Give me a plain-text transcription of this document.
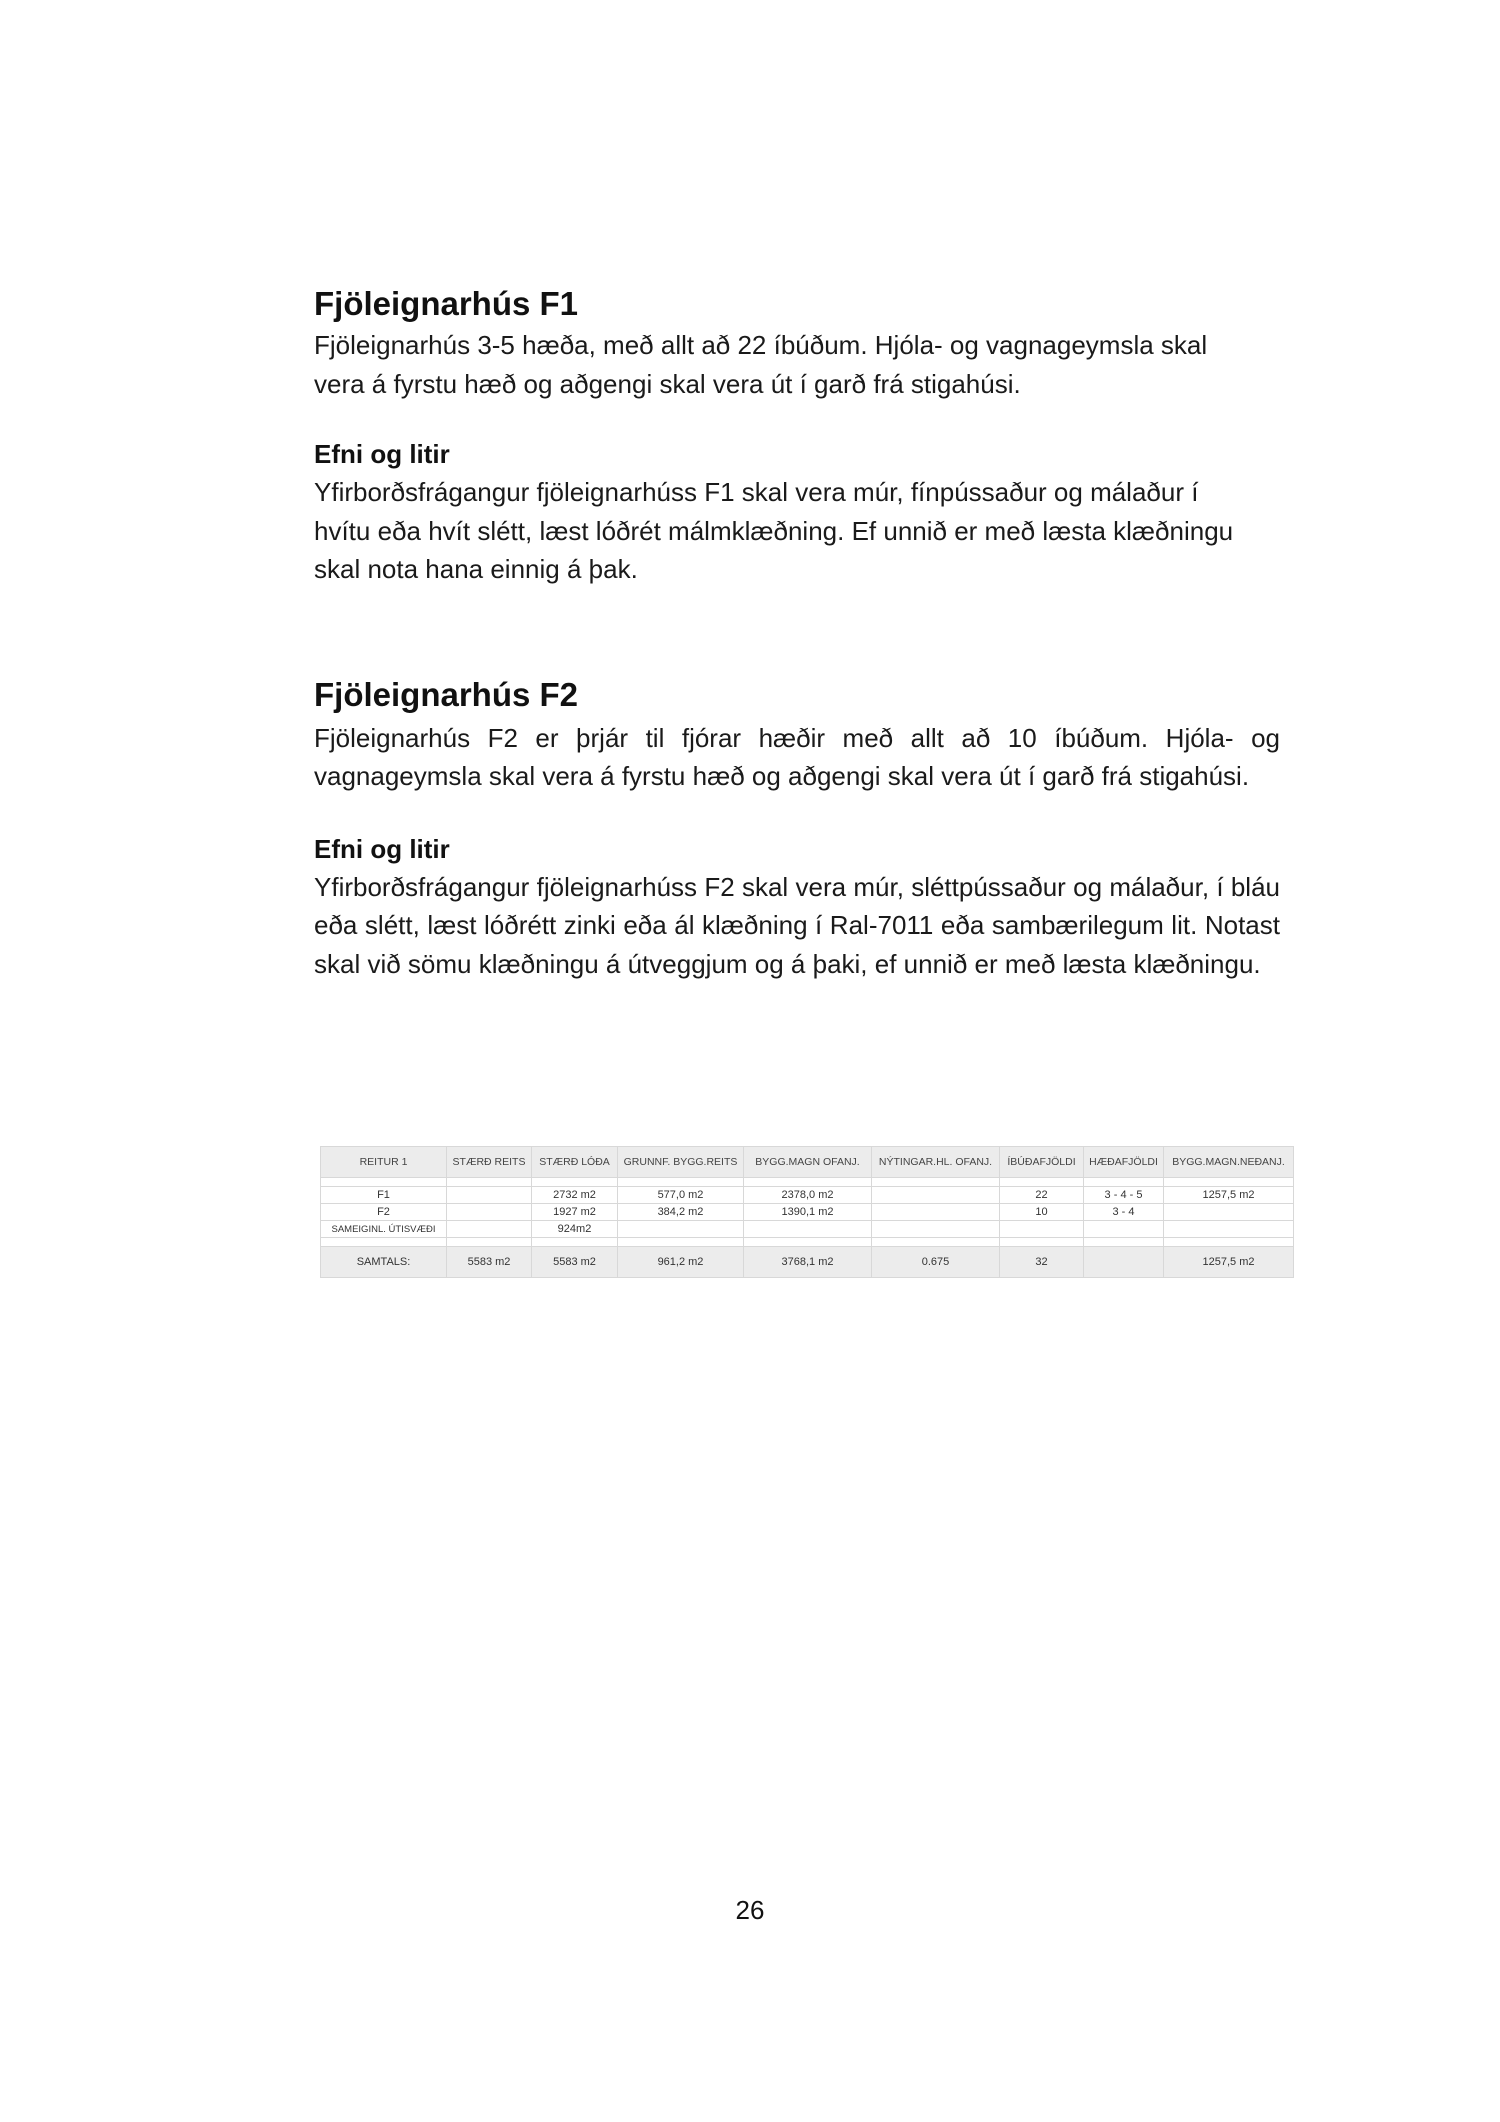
Fjöleignarhús F1

Fjöleignarhús 3-5 hæða, með allt að 22 íbúðum. Hjóla- og vagnageymsla skal
vera á fyrstu hæð og aðgengi skal vera út í garð frá stigahúsi.

Efni og litir

Yfirborðsfrágangur fjöleignarhúss F1 skal vera múr, fínpússaður og málaður í
hvítu eða hvít slétt, læst lóðrét málmklæðning. Ef unnið er með læsta klæðningu
skal nota hana einnig á þak.

Fjöleignarhús F2

Fjöleignarhús F2 er þrjár til fjórar hæðir með allt að 10 íbúðum. Hjóla- og vagnageymsla skal vera á fyrstu hæð og aðgengi skal vera út í garð frá stigahúsi.

Efni og litir

Yfirborðsfrágangur fjöleignarhúss F2 skal vera múr, sléttpússaður og málaður, í bláu eða slétt, læst lóðrétt zinki eða ál klæðning í Ral-7011 eða sambærilegum lit. Notast skal við sömu klæðningu á útveggjum og á þaki, ef unnið er með læsta klæðningu.

REITUR 1	STÆRÐ REITS	STÆRÐ LÓÐA	GRUNNF. BYGG.REITS	BYGG.MAGN OFANJ.	NÝTINGAR.HL. OFANJ.	ÍBÚÐAFJÖLDI	HÆÐAFJÖLDI	BYGG.MAGN.NEÐANJ.

F1		2732 m2	577,0 m2	2378,0 m2		22	3 - 4 - 5	1257,5 m2
F2		1927 m2	384,2 m2	1390,1 m2		10	3 - 4	
SAMEIGINL. ÚTISVÆÐI		924m2						

SAMTALS:	5583 m2	5583 m2	961,2 m2	3768,1 m2	0.675	32		1257,5 m2
26
